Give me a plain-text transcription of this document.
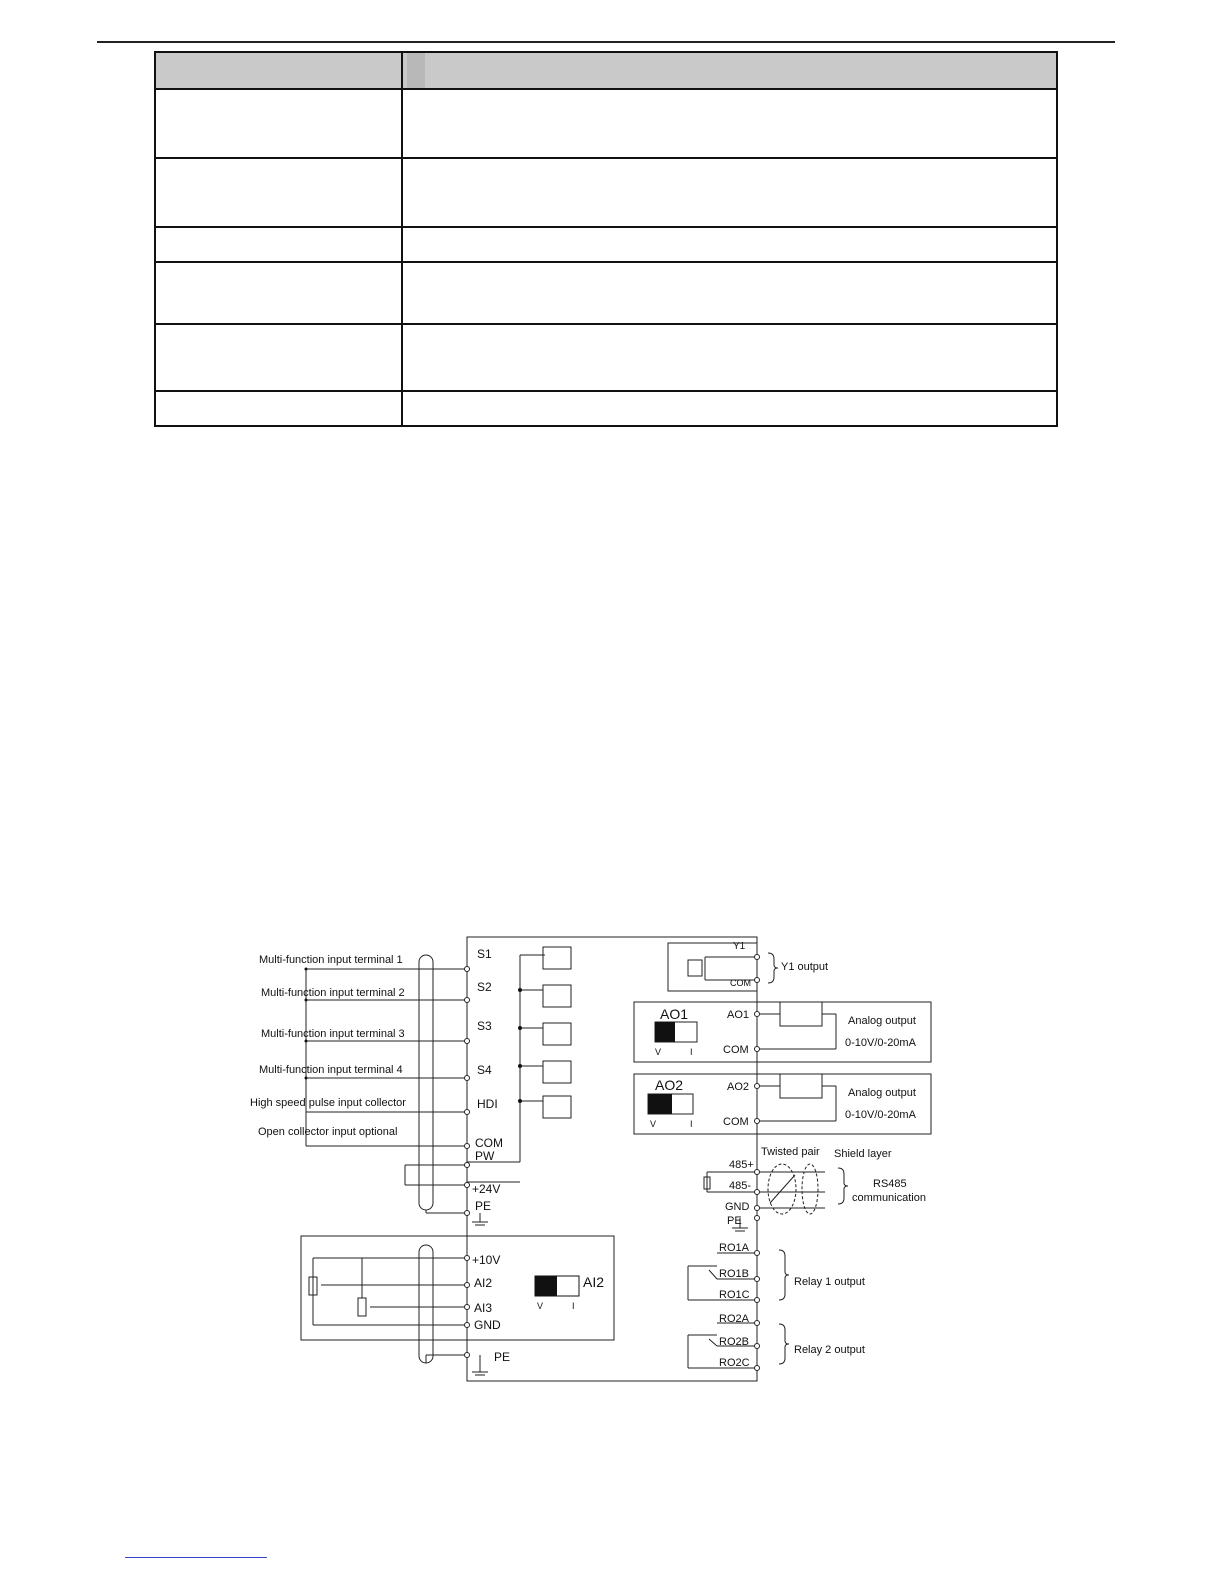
Multi-function input terminal 1
Multi-function input terminal 2
Multi-function input terminal 3
Multi-function input terminal 4
High speed pulse input collector
Open collector input optional
S1
S2
S3
S4
HDI
COM
PW
+24V
PE
+10V
AI2
AI3
GND
PE
AI2
V	I
Y1
COM
Y1 output
AO1
V	I
AO1
COM
Analog output
0-10V/0-20mA
AO2
V	I
AO2
COM
Analog output
0-10V/0-20mA
Twisted pair Shield layer
485+
485-
GND
PE
RS485
communication
RO1A
RO1B
RO1C
Relay 1 output
RO2A
RO2B
RO2C
Relay 2 output
